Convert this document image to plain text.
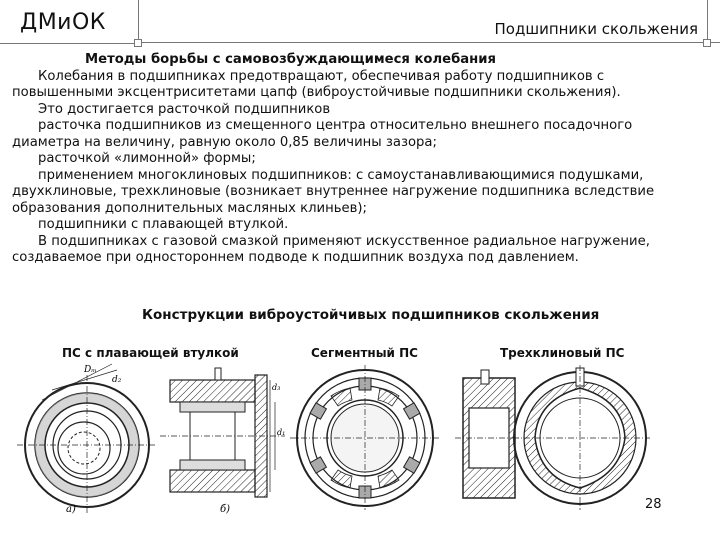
ДМиОК	Подшипники скольжения

Методы борьбы с самовозбуждающимеся колебания

Колебания в подшипниках предотвращают, обеспечивая работу подшипников с повышенными эксцентриситетами цапф (виброустойчивые подшипники скольжения).

Это достигается расточкой подшипников

расточка подшипников из смещенного центра относительно внешнего посадочного диаметра на величину, равную около 0,85 величины зазора;

расточкой «лимонной» формы;

применением многоклиновых подшипников: с самоустанавливающимися подушками, двухклиновые, трехклиновые (возникает внутреннее нагружение подшипника вследствие образования дополнительных масляных клиньев);

подшипники с плавающей втулкой.

В подшипниках с газовой смазкой применяют искусственное радиальное нагружение, создаваемое при одностороннем подводе к подшипник воздуха под давлением.

Конструкции виброустойчивых подшипников скольжения
ПС с плавающей втулкой	Сегментный ПС	Трехклиновый ПС
Dₘ
d₂
а)
d₃
d₁
б)	28
